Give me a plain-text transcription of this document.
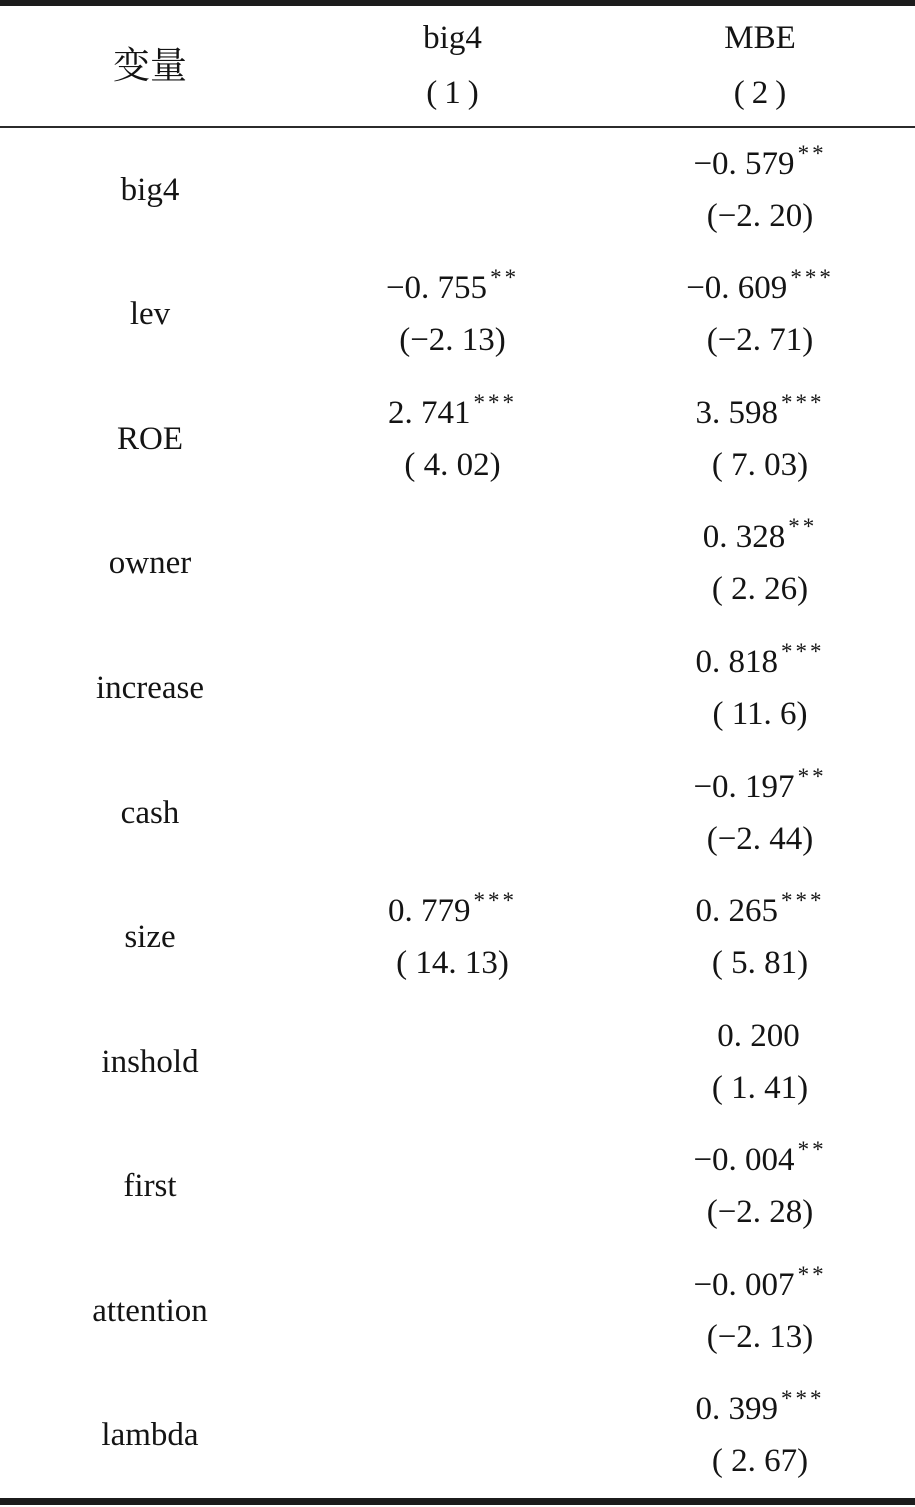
变量
big4
(1)
MBE
(2)
big4
−0. 579 **
(−2. 20)
lev
−0. 755 **
(−2. 13)
−0. 609 ***
(−2. 71)
ROE
2. 741 ***
( 4. 02)
3. 598 ***
( 7. 03)
owner
0. 328 **
( 2. 26)
increase
0. 818 ***
( 11. 6)
cash
−0. 197 **
(−2. 44)
size
0. 779 ***
( 14. 13)
0. 265 ***
( 5. 81)
inshold
0. 200
( 1. 41)
first
−0. 004 **
(−2. 28)
attention
−0. 007 **
(−2. 13)
lambda
0. 399 ***
( 2. 67)
